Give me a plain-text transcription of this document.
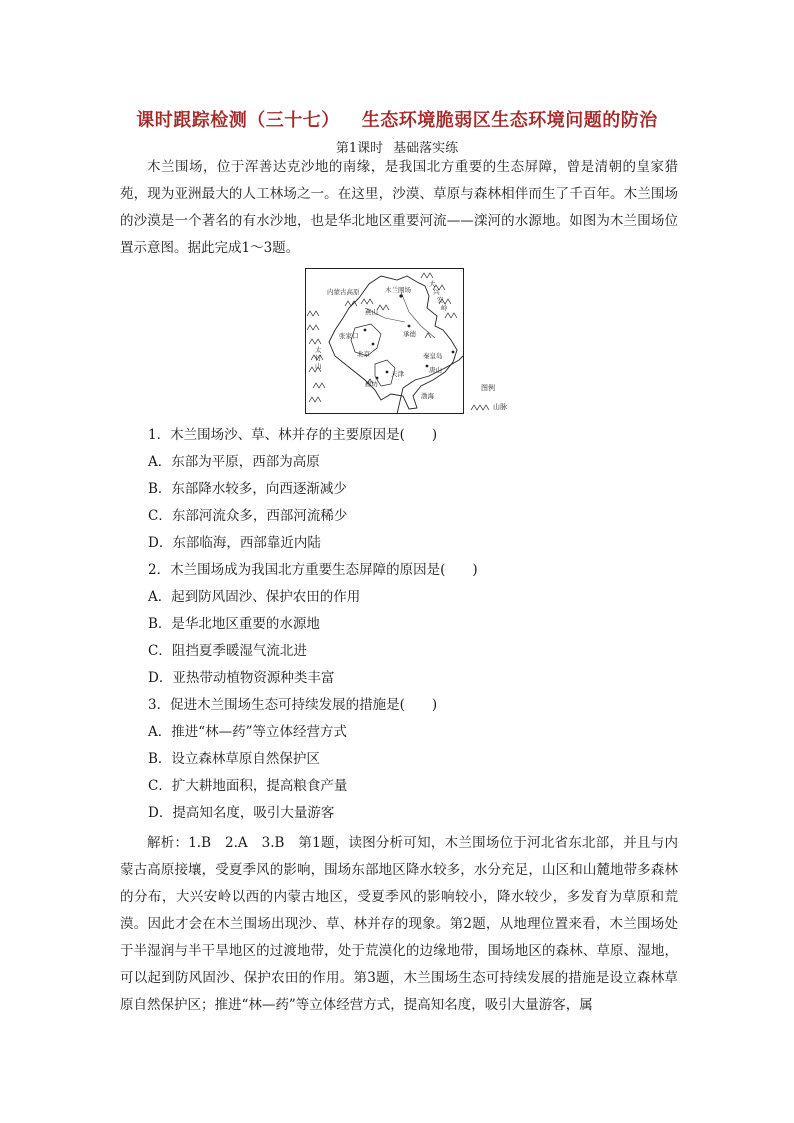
课时跟踪检测（三十七） 生态环境脆弱区生态环境问题的防治
第1课时 基础落实练

木兰围场，位于浑善达克沙地的南缘，是我国北方重要的生态屏障，曾是清朝的皇家猎苑，现为亚洲最大的人工林场之一。在这里，沙漠、草原与森林相伴而生了千百年。木兰围场的沙漠是一个著名的有水沙地，也是华北地区重要河流——滦河的水源地。如图为木兰围场位置示意图。据此完成1～3题。

内蒙古高原	木兰围场
燕山
大
兴
安
岭
张家口	承德
太
行
山
北京	秦皇岛
唐山
天津
廊坊
渤海
图例
山脉
1．木兰围场沙、草、林并存的主要原因是(　　)
A．东部为平原，西部为高原
B．东部降水较多，向西逐渐减少
C．东部河流众多，西部河流稀少
D．东部临海，西部靠近内陆
2．木兰围场成为我国北方重要生态屏障的原因是(　　)
A．起到防风固沙、保护农田的作用
B．是华北地区重要的水源地
C．阻挡夏季暖湿气流北进
D．亚热带动植物资源种类丰富
3．促进木兰围场生态可持续发展的措施是(　　)
A．推进“林—药”等立体经营方式
B．设立森林草原自然保护区
C．扩大耕地面积，提高粮食产量
D．提高知名度，吸引大量游客

解析：1.B　2.A　3.B　第1题，读图分析可知，木兰围场位于河北省东北部，并且与内蒙古高原接壤，受夏季风的影响，围场东部地区降水较多，水分充足，山区和山麓地带多森林的分布，大兴安岭以西的内蒙古地区，受夏季风的影响较小，降水较少，多发育为草原和荒漠。因此才会在木兰围场出现沙、草、林并存的现象。第2题，从地理位置来看，木兰围场处于半湿润与半干旱地区的过渡地带，处于荒漠化的边缘地带，围场地区的森林、草原、湿地，可以起到防风固沙、保护农田的作用。第3题，木兰围场生态可持续发展的措施是设立森林草原自然保护区；推进“林—药”等立体经营方式，提高知名度，吸引大量游客，属
